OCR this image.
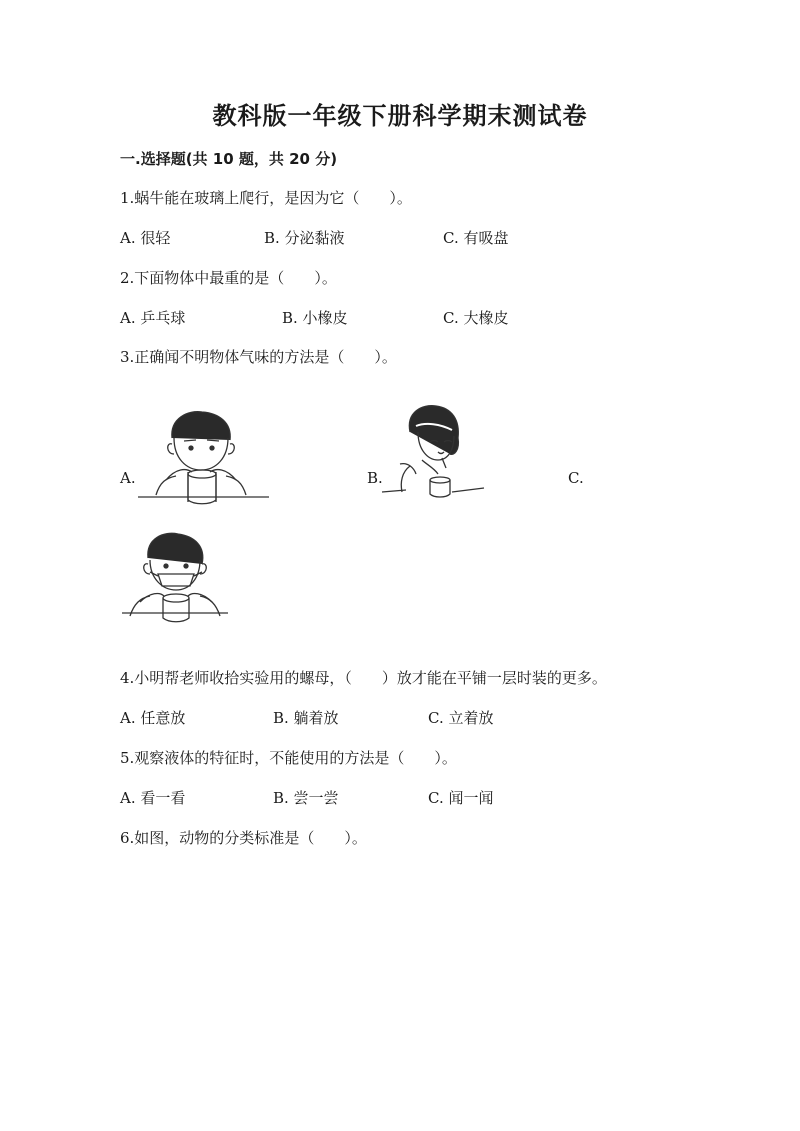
教科版一年级下册科学期末测试卷
一.选择题(共 10 题，共 20 分)
1.蜗牛能在玻璃上爬行，是因为它（　　）。
A. 很轻	B. 分泌黏液	C. 有吸盘
2.下面物体中最重的是（　　）。
A. 乒乓球	B. 小橡皮	C. 大橡皮
3.正确闻不明物体气味的方法是（　　）。
A.	B.	C.
4.小明帮老师收拾实验用的螺母，（　　）放才能在平铺一层时装的更多。
A. 任意放	B. 躺着放	C. 立着放
5.观察液体的特征时，不能使用的方法是（　　）。
A. 看一看	B. 尝一尝	C. 闻一闻
6.如图，动物的分类标准是（　　）。
